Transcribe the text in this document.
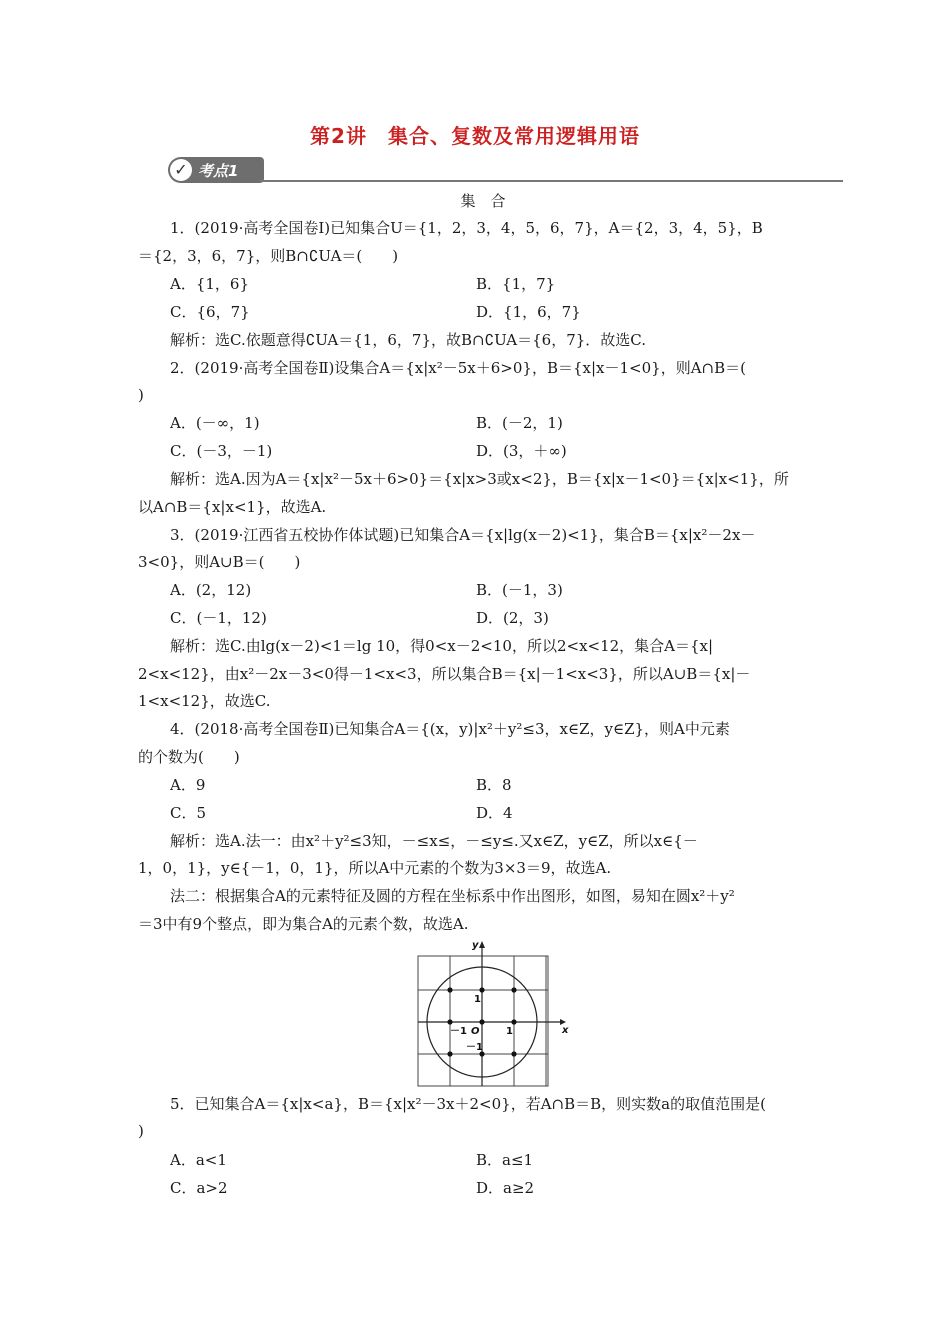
第2讲　集合、复数及常用逻辑用语
✓ 考点1
集　合
1．(2019·高考全国卷Ⅰ)已知集合U＝{1，2，3，4，5，6，7}，A＝{2，3，4，5}，B
＝{2，3，6，7}，则B∩∁UA＝(　　)
A．{1，6}	B．{1，7}
C．{6，7}	D．{1，6，7}
解析：选C.依题意得∁UA＝{1，6，7}，故B∩∁UA＝{6，7}．故选C.
2．(2019·高考全国卷Ⅱ)设集合A＝{x|x²－5x＋6>0}，B＝{x|x－1<0}，则A∩B＝(
)
A．(－∞，1)	B．(－2，1)
C．(－3，－1)	D．(3，＋∞)
解析：选A.因为A＝{x|x²－5x＋6>0}＝{x|x>3或x<2}，B＝{x|x－1<0}＝{x|x<1}，所
以A∩B＝{x|x<1}，故选A.
3．(2019·江西省五校协作体试题)已知集合A＝{x|lg(x－2)<1}，集合B＝{x|x²－2x－
3<0}，则A∪B＝(　　)
A．(2，12)	B．(－1，3)
C．(－1，12)	D．(2，3)
解析：选C.由lg(x－2)<1＝lg 10，得0<x－2<10，所以2<x<12，集合A＝{x|
2<x<12}，由x²－2x－3<0得－1<x<3，所以集合B＝{x|－1<x<3}，所以A∪B＝{x|－
1<x<12}，故选C.
4．(2018·高考全国卷Ⅱ)已知集合A＝{(x，y)|x²＋y²≤3，x∈Z，y∈Z}，则A中元素
的个数为(　　)
A．9	B．8
C．5	D．4
解析：选A.法一：由x²＋y²≤3知，－≤x≤，－≤y≤.又x∈Z，y∈Z，所以x∈{－
1，0，1}，y∈{－1，0，1}，所以A中元素的个数为3×3＝9，故选A.
法二：根据集合A的元素特征及圆的方程在坐标系中作出图形，如图，易知在圆x²＋y²
＝3中有9个整点，即为集合A的元素个数，故选A.
x
y
O
1
1
－1
－1
5．已知集合A＝{x|x<a}，B＝{x|x²－3x＋2<0}，若A∩B＝B，则实数a的取值范围是(
)
A．a<1	B．a≤1
C．a>2	D．a≥2
